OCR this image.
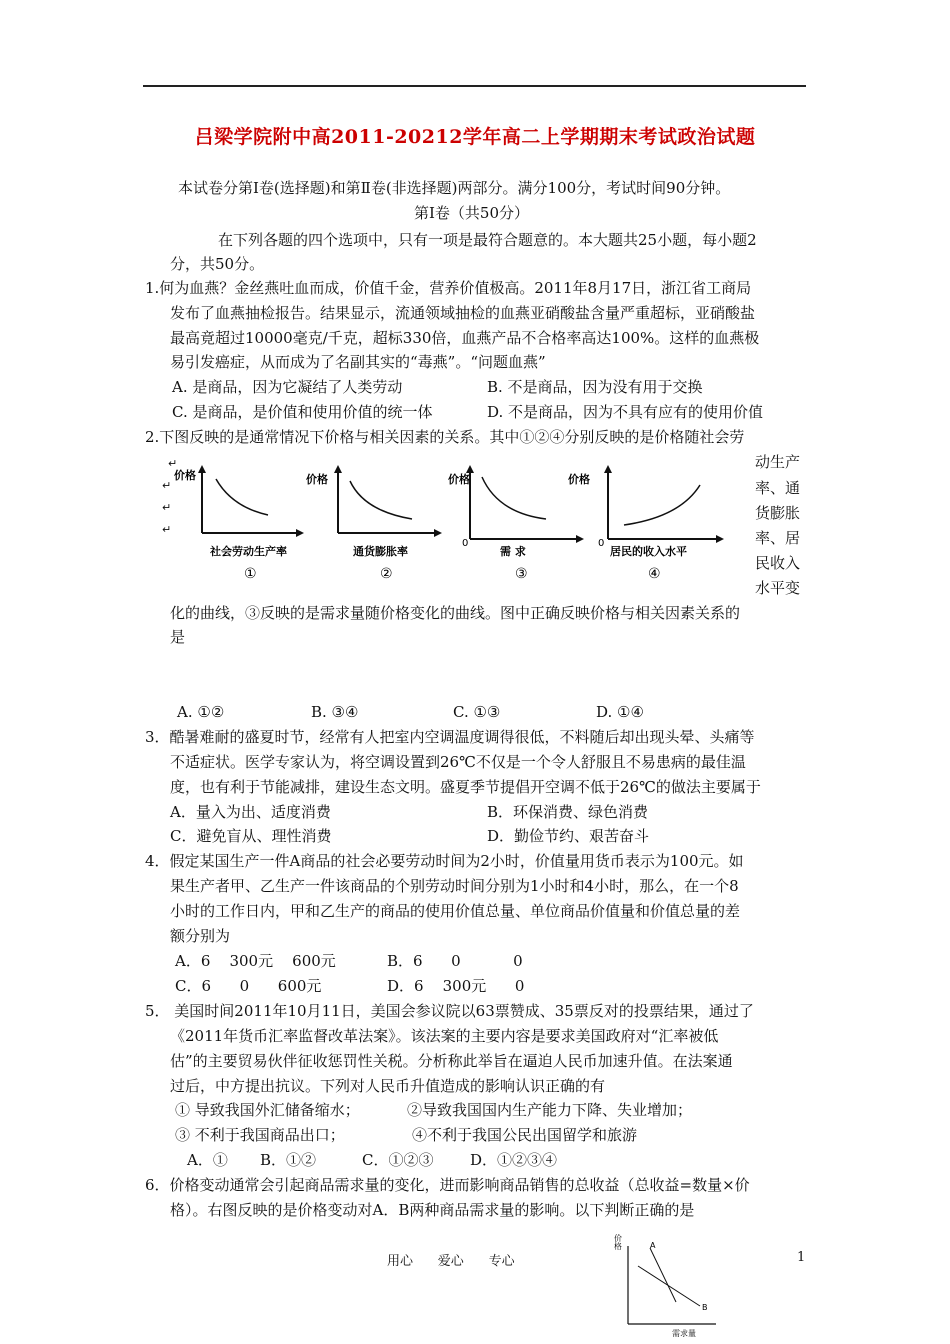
吕梁学院附中高2011-20212学年高二上学期期末考试政治试题
本试卷分第Ⅰ卷(选择题)和第Ⅱ卷(非选择题)两部分。满分100分，考试时间90分钟。
第Ⅰ卷（共50分）
在下列各题的四个选项中，只有一项是最符合题意的。本大题共25小题，每小题2
分，共50分。
1.何为血燕？金丝燕吐血而成，价值千金，营养价值极高。2011年8月17日，浙江省工商局
发布了血燕抽检报告。结果显示，流通领域抽检的血燕亚硝酸盐含量严重超标，亚硝酸盐
最高竟超过10000毫克/千克，超标330倍，血燕产品不合格率高达100%。这样的血燕极
易引发癌症，从而成为了名副其实的“毒燕”。“问题血燕”
A. 是商品，因为它凝结了人类劳动	B. 不是商品，因为没有用于交换
C. 是商品，是价值和使用价值的统一体	D. 不是商品，因为不具有应有的使用价值
2.下图反映的是通常情况下价格与相关因素的关系。其中①②④分别反映的是价格随社会劳
动生产
率、通
货膨胀
率、居
民收入
水平变
↵
↵
↵
↵
价格
社会劳动生产率
①
价格
通货膨胀率
②
价格
0
需 求
③
价格
0
居民的收入水平
④
化的曲线，③反映的是需求量随价格变化的曲线。图中正确反映价格与相关因素关系的
是
A. ①②	B. ③④	C. ①③	D. ①④
3．酷暑难耐的盛夏时节，经常有人把室内空调温度调得很低，不料随后却出现头晕、头痛等
不适症状。医学专家认为，将空调设置到26℃不仅是一个令人舒服且不易患病的最佳温
度，也有利于节能减排，建设生态文明。盛夏季节提倡开空调不低于26℃的做法主要属于
A．量入为出、适度消费	B．环保消费、绿色消费
C．避免盲从、理性消费	D．勤俭节约、艰苦奋斗
4．假定某国生产一件A商品的社会必要劳动时间为2小时，价值量用货币表示为100元。如
果生产者甲、乙生产一件该商品的个别劳动时间分别为1小时和4小时，那么，在一个8
小时的工作日内，甲和乙生产的商品的使用价值总量、单位商品价值量和价值总量的差
额分别为
A．6    300元    600元	B．6      0           0
C．6      0      600元	D．6    300元      0
5． 美国时间2011年10月11日，美国会参议院以63票赞成、35票反对的投票结果，通过了
《2011年货币汇率监督改革法案》。该法案的主要内容是要求美国政府对“汇率被低
估”的主要贸易伙伴征收惩罚性关税。分析称此举旨在逼迫人民币加速升值。在法案通
过后，中方提出抗议。下列对人民币升值造成的影响认识正确的有
① 导致我国外汇储备缩水；	②导致我国国内生产能力下降、失业增加；
③ 不利于我国商品出口；	④不利于我国公民出国留学和旅游
A．① B．①②	C．①②③ D．①②③④
6．价格变动通常会引起商品需求量的变化，进而影响商品销售的总收益（总收益=数量×价
格）。右图反映的是价格变动对A．B两种商品需求量的影响。以下判断正确的是
价格	A
B
需求量
用心      爱心      专心	1
